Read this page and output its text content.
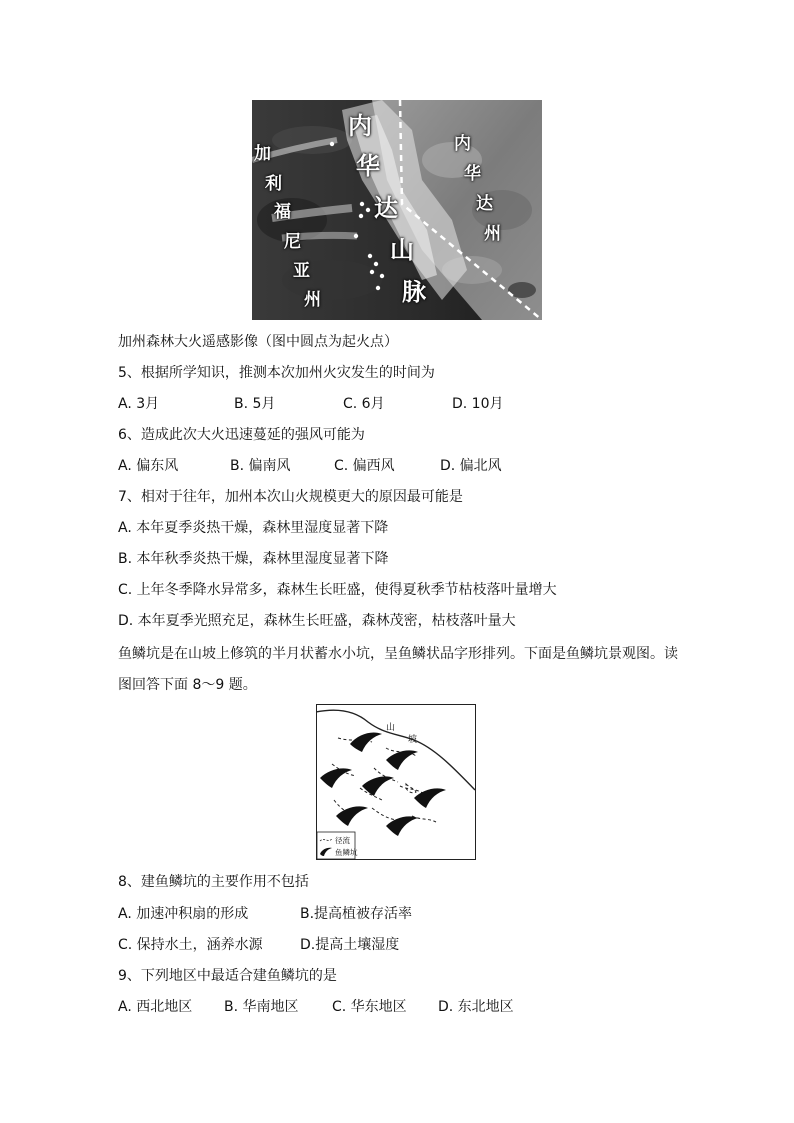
加
利
福
尼
亚
州
内
华
达
山
脉
内
华
达
州
加州森林大火遥感影像（图中圆点为起火点）
5、根据所学知识，推测本次加州火灾发生的时间为
A. 3月	B. 5月	C. 6月	D. 10月
6、造成此次大火迅速蔓延的强风可能为
A. 偏东风	B. 偏南风	C. 偏西风	D. 偏北风
7、相对于往年，加州本次山火规模更大的原因最可能是
A. 本年夏季炎热干燥，森林里湿度显著下降
B. 本年秋季炎热干燥，森林里湿度显著下降
C. 上年冬季降水异常多，森林生长旺盛，使得夏秋季节枯枝落叶量增大
D. 本年夏季光照充足，森林生长旺盛，森林茂密，枯枝落叶量大
鱼鳞坑是在山坡上修筑的半月状蓄水小坑，呈鱼鳞状品字形排列。下面是鱼鳞坑景观图。读
图回答下面 8～9 题。
山
坡
径流
鱼鳞坑
8、建鱼鳞坑的主要作用不包括
A. 加速冲积扇的形成	B.提高植被存活率
C. 保持水土，涵养水源	D.提高土壤湿度
9、下列地区中最适合建鱼鳞坑的是
A. 西北地区 B. 华南地区 C. 华东地区 D. 东北地区
